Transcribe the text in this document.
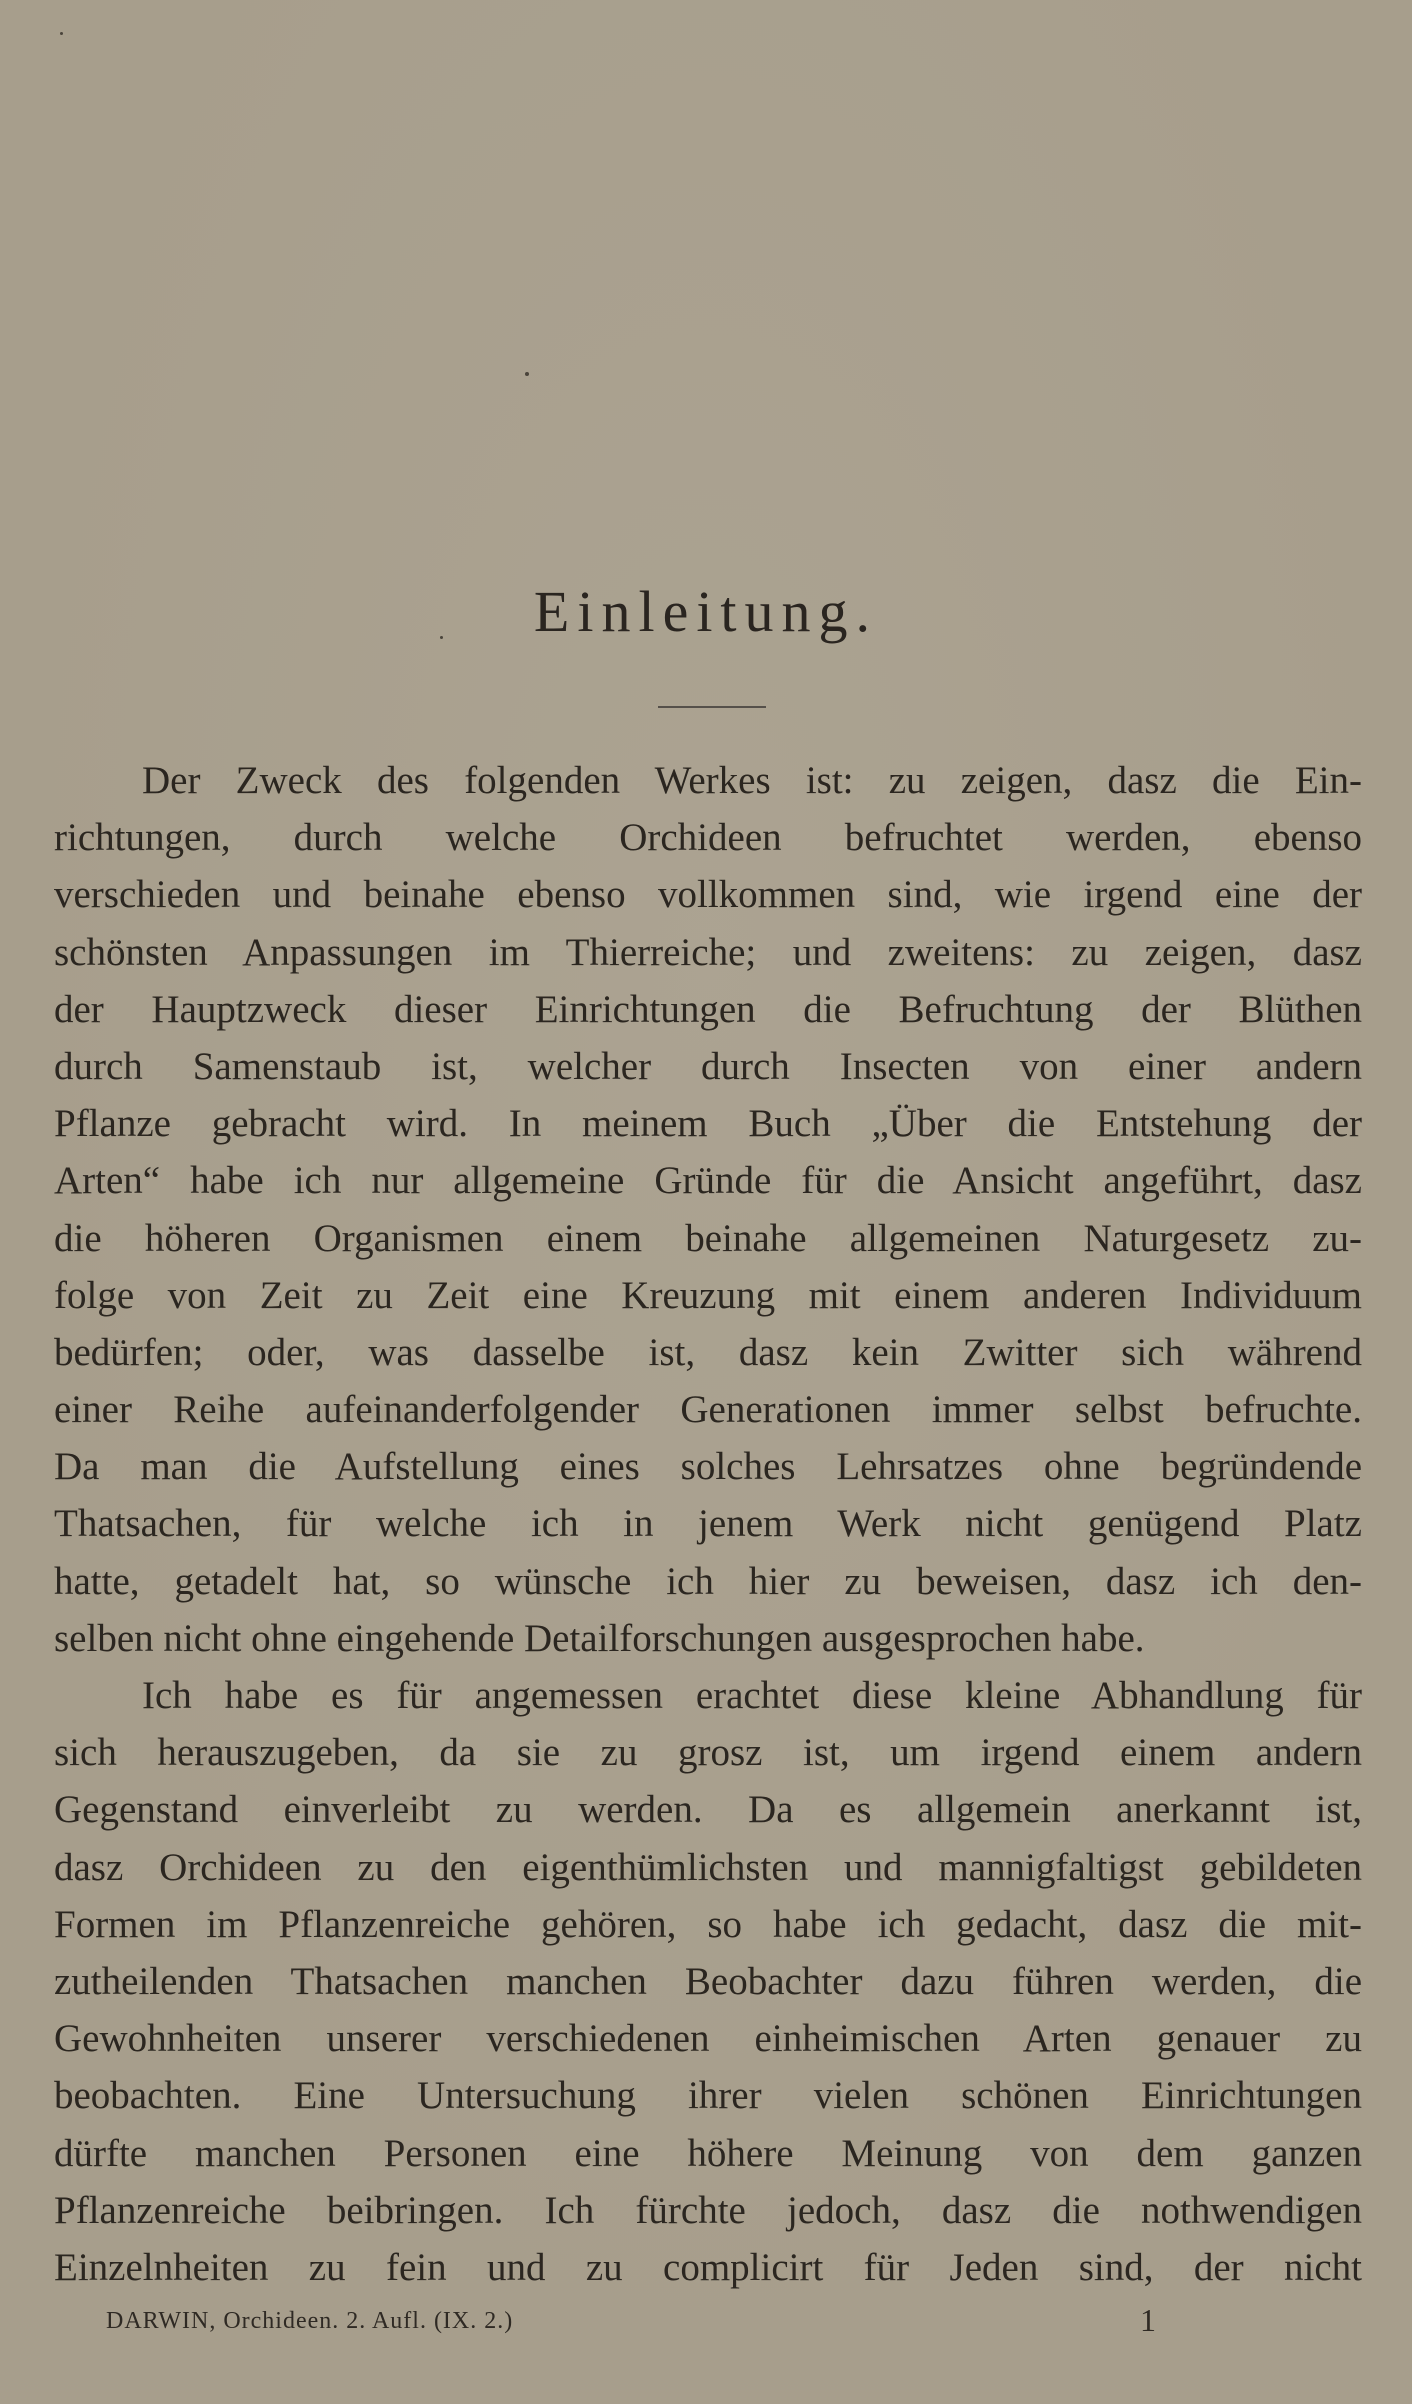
Einleitung.
Der Zweck des folgenden Werkes ist: zu zeigen, dasz die Ein-
richtungen, durch welche Orchideen befruchtet werden, ebenso
verschieden und beinahe ebenso vollkommen sind, wie irgend eine der
schönsten Anpassungen im Thierreiche; und zweitens: zu zeigen, dasz
der Hauptzweck dieser Einrichtungen die Befruchtung der Blüthen
durch Samenstaub ist, welcher durch Insecten von einer andern
Pflanze gebracht wird. In meinem Buch „Über die Entstehung der
Arten“ habe ich nur allgemeine Gründe für die Ansicht angeführt, dasz
die höheren Organismen einem beinahe allgemeinen Naturgesetz zu-
folge von Zeit zu Zeit eine Kreuzung mit einem anderen Individuum
bedürfen; oder, was dasselbe ist, dasz kein Zwitter sich während
einer Reihe aufeinanderfolgender Generationen immer selbst befruchte.
Da man die Aufstellung eines solches Lehrsatzes ohne begründende
Thatsachen, für welche ich in jenem Werk nicht genügend Platz
hatte, getadelt hat, so wünsche ich hier zu beweisen, dasz ich den-
selben nicht ohne eingehende Detailforschungen ausgesprochen habe.
Ich habe es für angemessen erachtet diese kleine Abhandlung für
sich herauszugeben, da sie zu grosz ist, um irgend einem andern
Gegenstand einverleibt zu werden. Da es allgemein anerkannt ist,
dasz Orchideen zu den eigenthümlichsten und mannigfaltigst gebildeten
Formen im Pflanzenreiche gehören, so habe ich gedacht, dasz die mit-
zutheilenden Thatsachen manchen Beobachter dazu führen werden, die
Gewohnheiten unserer verschiedenen einheimischen Arten genauer zu
beobachten. Eine Untersuchung ihrer vielen schönen Einrichtungen
dürfte manchen Personen eine höhere Meinung von dem ganzen
Pflanzenreiche beibringen. Ich fürchte jedoch, dasz die nothwendigen
Einzelnheiten zu fein und zu complicirt für Jeden sind, der nicht
DARWIN, Orchideen. 2. Aufl. (IX. 2.)	1
